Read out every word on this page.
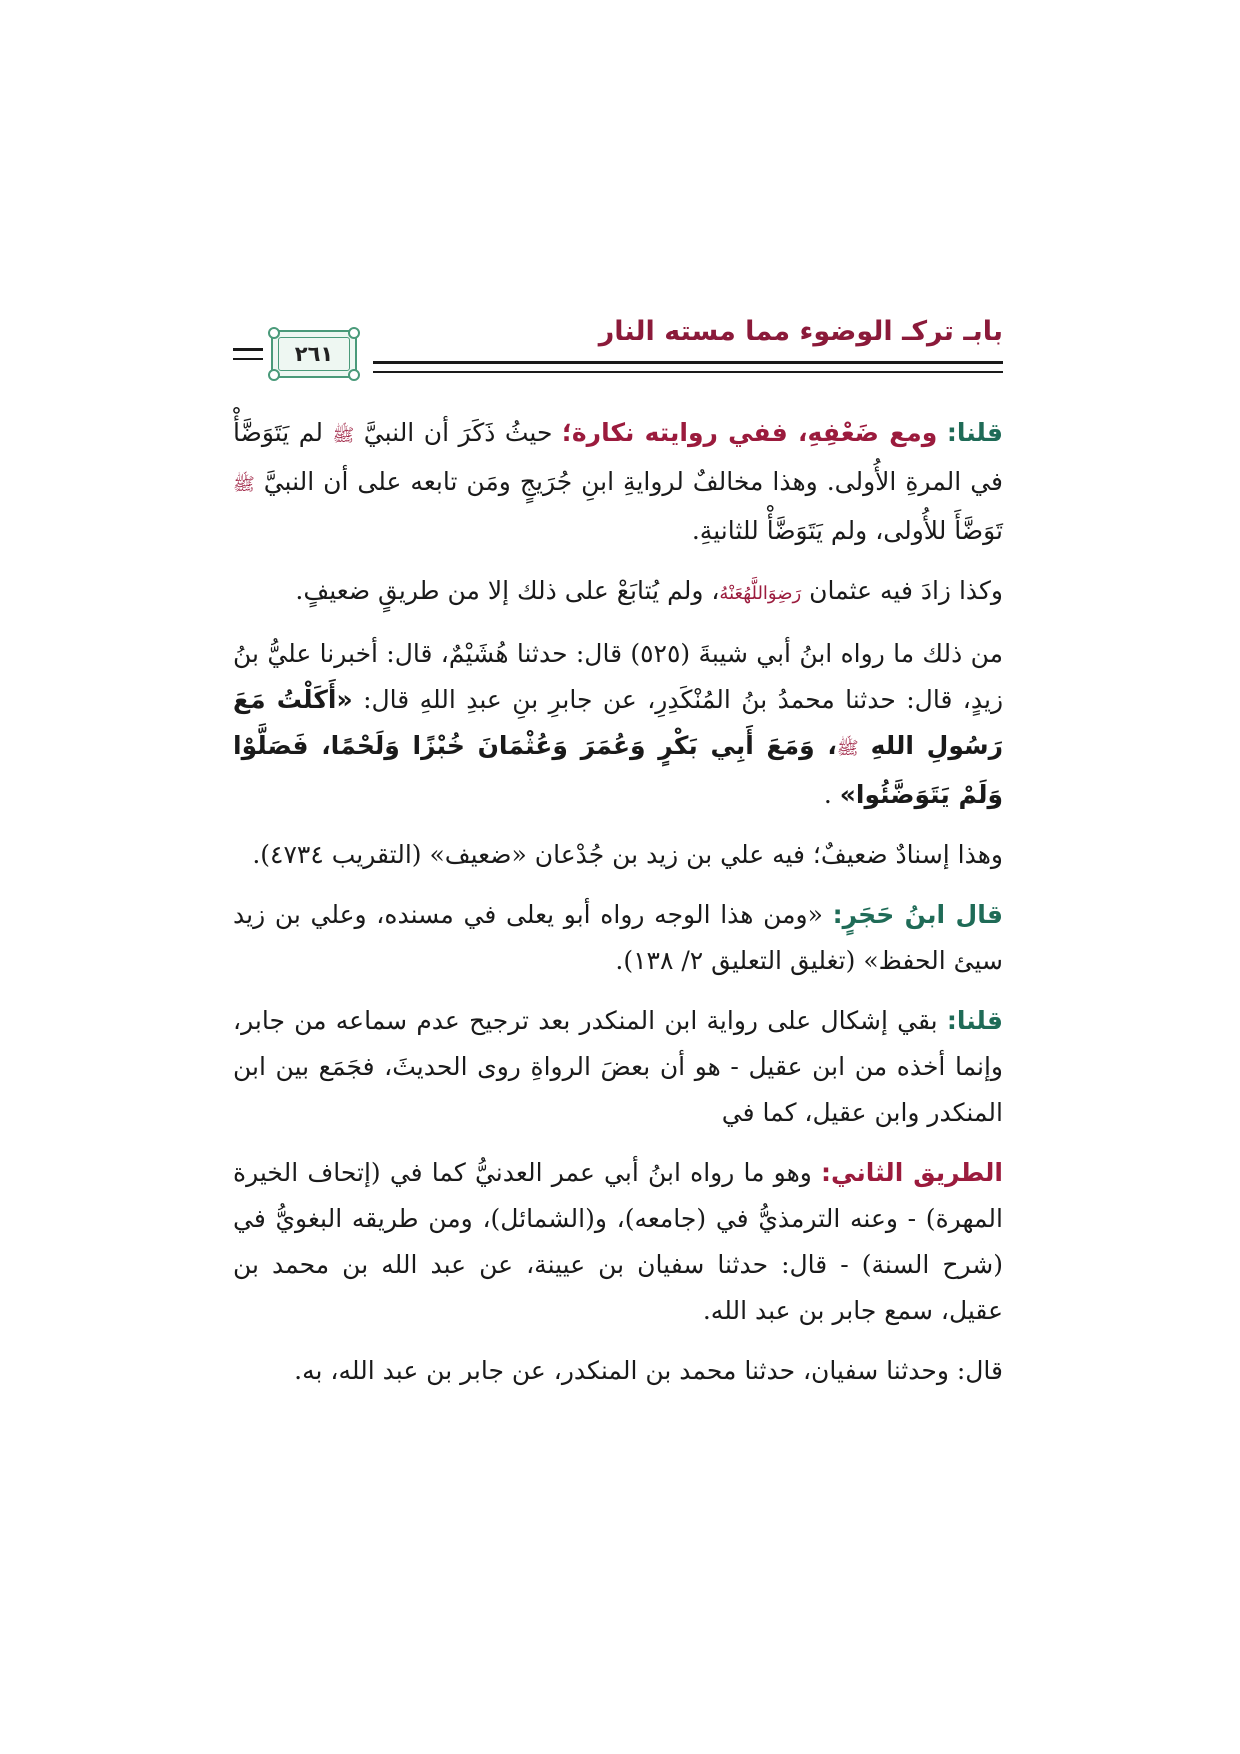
بابـ تركـ الوضوء مما مسته النار
٢٦١

قلنا: ومع ضَعْفِهِ، ففي روايته نكارة؛ حيثُ ذَكَرَ أن النبيَّ ﷺ لم يَتَوَضَّأْ في المرةِ الأُولى. وهذا مخالفٌ لروايةِ ابنِ جُرَيجٍ ومَن تابعه على أن النبيَّ ﷺ تَوَضَّأَ للأُولى، ولم يَتَوَضَّأْ للثانيةِ.

وكذا زادَ فيه عثمان رَضِوَاللَّهُعَنْهُ، ولم يُتابَعْ على ذلك إلا من طريقٍ ضعيفٍ.

من ذلك ما رواه ابنُ أبي شيبةَ (٥٢٥) قال: حدثنا هُشَيْمٌ، قال: أخبرنا عليُّ بنُ زيدٍ، قال: حدثنا محمدُ بنُ المُنْكَدِرِ، عن جابرِ بنِ عبدِ اللهِ قال: «أَكَلْتُ مَعَ رَسُولِ اللهِ ﷺ، وَمَعَ أَبِي بَكْرٍ وَعُمَرَ وَعُثْمَانَ خُبْزًا وَلَحْمًا، فَصَلَّوْا وَلَمْ يَتَوَضَّئُوا» .

وهذا إسنادٌ ضعيفٌ؛ فيه علي بن زيد بن جُدْعان «ضعيف» (التقريب ٤٧٣٤).

قال ابنُ حَجَرٍ: «ومن هذا الوجه رواه أبو يعلى في مسنده، وعلي بن زيد سيئ الحفظ» (تغليق التعليق ٢/ ١٣٨).

قلنا: بقي إشكال على رواية ابن المنكدر بعد ترجيح عدم سماعه من جابر، وإنما أخذه من ابن عقيل - هو أن بعضَ الرواةِ روى الحديثَ، فجَمَع بين ابن المنكدر وابن عقيل، كما في

الطريق الثاني: وهو ما رواه ابنُ أبي عمر العدنيُّ كما في (إتحاف الخيرة المهرة) - وعنه الترمذيُّ في (جامعه)، و(الشمائل)، ومن طريقه البغويُّ في (شرح السنة) - قال: حدثنا سفيان بن عيينة، عن عبد الله بن محمد بن عقيل، سمع جابر بن عبد الله.

قال: وحدثنا سفيان، حدثنا محمد بن المنكدر، عن جابر بن عبد الله، به.
